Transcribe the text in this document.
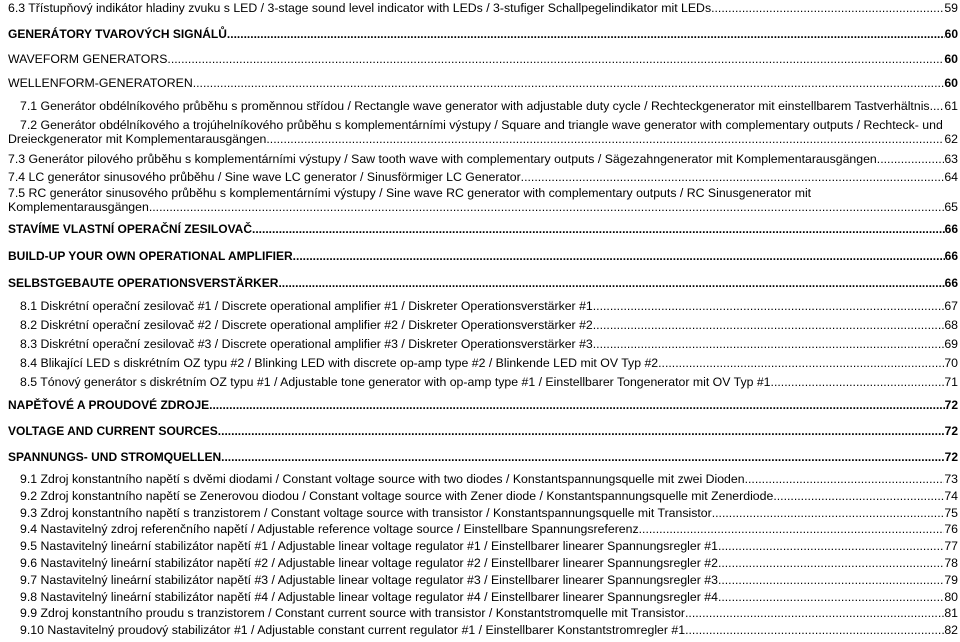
6.3 Třístupňový indikátor hladiny zvuku s LED / 3-stage sound level indicator with LEDs / 3-stufiger Schallpegelindikator mit LEDs .....	59
GENERÁTORY TVAROVÝCH SIGNÁLŮ .....	60
WAVEFORM GENERATORS .....	60
WELLENFORM-GENERATOREN .....	60
7.1 Generátor obdélníkového průběhu s proměnnou střídou / Rectangle wave generator with adjustable duty cycle / Rechteckgenerator mit einstellbarem Tastverhältnis ..... 61
7.2 Generátor obdélníkového a trojúhelníkového průběhu s komplementárními výstupy / Square and triangle wave generator with complementary outputs / Rechteck- und
Dreieckgenerator mit Komplementarausgängen .....	62
7.3 Generátor pilového průběhu s komplementárními výstupy / Saw tooth wave with complementary outputs / Sägezahngenerator mit Komplementarausgängen .....	63
7.4 LC generátor sinusového průběhu / Sine wave LC generator / Sinusförmiger LC Generator .....	64
7.5 RC generátor sinusového průběhu s komplementárními výstupy / Sine wave RC generator with complementary outputs / RC Sinusgenerator mit
Komplementarausgängen .....	65
STAVÍME VLASTNÍ OPERAČNÍ ZESILOVAČ .....	66
BUILD-UP YOUR OWN OPERATIONAL AMPLIFIER .....	66
SELBSTGEBAUTE OPERATIONSVERSTÄRKER .....	66
8.1 Diskrétní operační zesilovač #1 / Discrete operational amplifier #1 / Diskreter Operationsverstärker #1 .....	67
8.2 Diskrétní operační zesilovač #2 / Discrete operational amplifier #2 / Diskreter Operationsverstärker #2 .....	68
8.3 Diskrétní operační zesilovač #3 / Discrete operational amplifier #3 / Diskreter Operationsverstärker #3 .....	69
8.4 Blikající LED s diskrétním OZ typu #2 / Blinking LED with discrete op-amp type #2 / Blinkende LED mit OV Typ #2 .....	70
8.5 Tónový generátor s diskrétním OZ typu #1 / Adjustable tone generator with op-amp type #1 / Einstellbarer Tongenerator mit OV Typ #1 .....	71
NAPĚŤOVÉ A PROUDOVÉ ZDROJE .....	72
VOLTAGE AND CURRENT SOURCES .....	72
SPANNUNGS- UND STROMQUELLEN .....	72
9.1 Zdroj konstantního napětí s dvěmi diodami / Constant voltage source with two diodes / Konstantspannungsquelle mit zwei Dioden .....	73
9.2 Zdroj konstantního napětí se Zenerovou diodou / Constant voltage source with Zener diode / Konstantspannungsquelle mit Zenerdiode .....	74
9.3 Zdroj konstantního napětí s tranzistorem / Constant voltage source with transistor / Konstantspannungsquelle mit Transistor .....	75
9.4 Nastavitelný zdroj referenčního napětí / Adjustable reference voltage source / Einstellbare Spannungsreferenz .....	76
9.5 Nastavitelný lineární stabilizátor napětí #1 / Adjustable linear voltage regulator #1 / Einstellbarer linearer Spannungsregler #1 .....	77
9.6 Nastavitelný lineární stabilizátor napětí #2 / Adjustable linear voltage regulator #2 / Einstellbarer linearer Spannungsregler #2 .....	78
9.7 Nastavitelný lineární stabilizátor napětí #3 / Adjustable linear voltage regulator #3 / Einstellbarer linearer Spannungsregler #3 .....	79
9.8 Nastavitelný lineární stabilizátor napětí #4 / Adjustable linear voltage regulator #4 / Einstellbarer linearer Spannungsregler #4 .....	80
9.9 Zdroj konstantního proudu s tranzistorem / Constant current source with transistor / Konstantstromquelle mit Transistor .....	81
9.10 Nastavitelný proudový stabilizátor #1 / Adjustable constant current regulator #1 / Einstellbarer Konstantstromregler #1 .....	82
